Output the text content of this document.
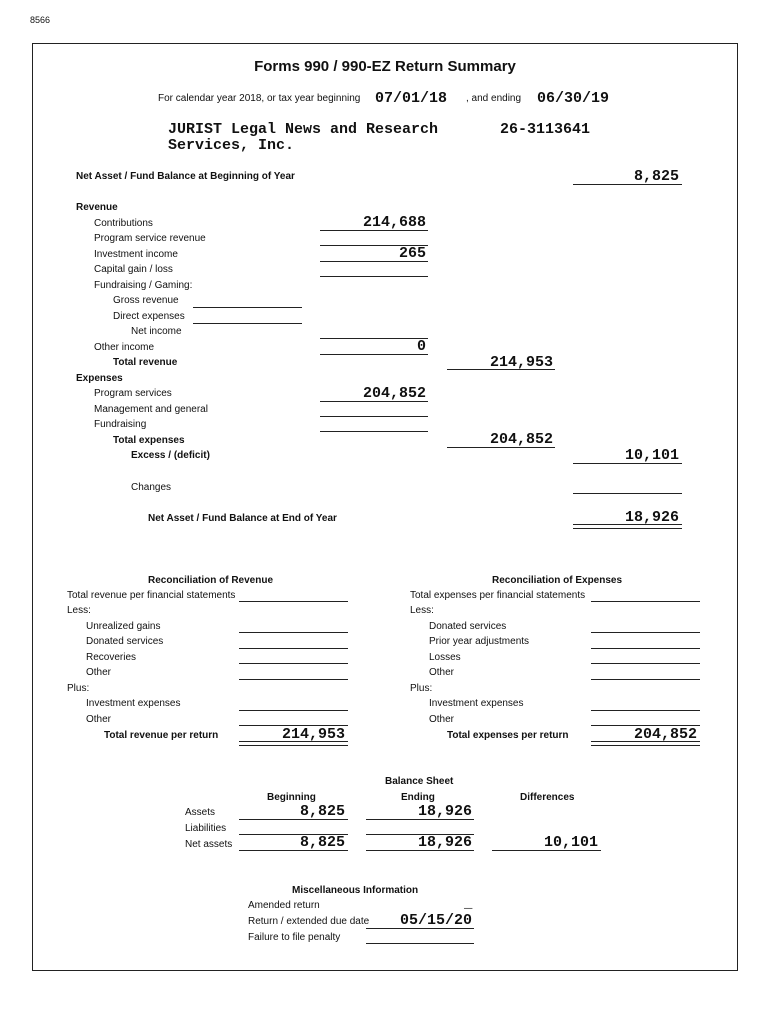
8566
Forms 990 / 990-EZ Return Summary
For calendar year 2018, or tax year beginning 07/01/18 , and ending 06/30/19
JURIST Legal News and Research
Services, Inc.
26-3113641
Net Asset / Fund Balance at Beginning of Year	8,825
Revenue
Contributions	214,688
Program service revenue
Investment income	265
Capital gain / loss
Fundraising / Gaming:
Gross revenue
Direct expenses
Net income
Other income	0
Total revenue	214,953
Expenses
Program services	204,852
Management and general
Fundraising
Total expenses	204,852
Excess / (deficit)	10,101
Changes
Net Asset / Fund Balance at End of Year	18,926
Reconciliation of Revenue
Total revenue per financial statements
Less:
Unrealized gains
Donated services
Recoveries
Other
Plus:
Investment expenses
Other
Total revenue per return	214,953
Reconciliation of Expenses
Total expenses per financial statements
Less:
Donated services
Prior year adjustments
Losses
Other
Plus:
Investment expenses
Other
Total expenses per return	204,852
Balance Sheet
Beginning	Ending	Differences
Assets	8,825	18,926
Liabilities
Net assets	8,825	18,926	10,101
Miscellaneous Information
Amended return	_
Return / extended due date	05/15/20
Failure to file penalty
